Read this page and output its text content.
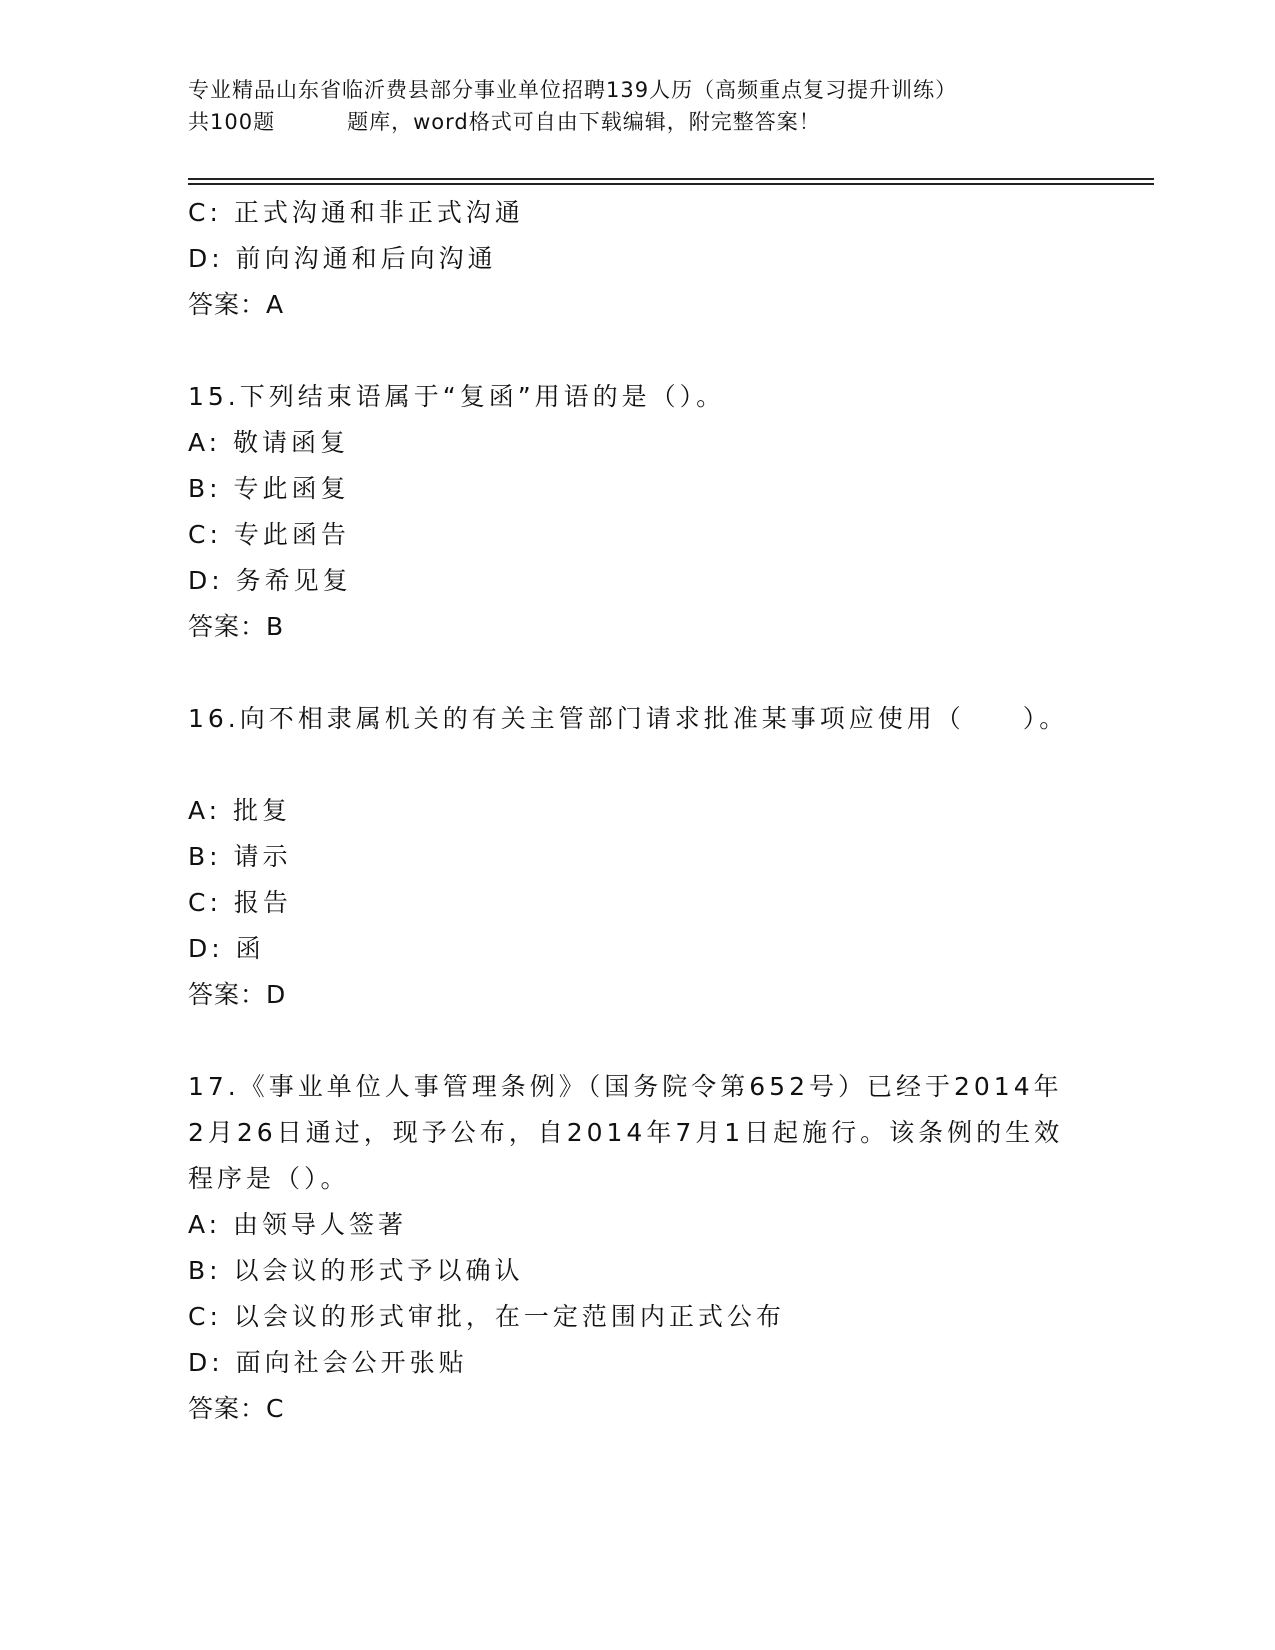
专业精品山东省临沂费县部分事业单位招聘139人历（高频重点复习提升训练）
共100题	题库，word格式可自由下载编辑，附完整答案！
C: 正式沟通和非正式沟通
D: 前向沟通和后向沟通
答案：A
15.下列结束语属于“复函”用语的是（）。
A: 敬请函复
B: 专此函复
C: 专此函告
D: 务希见复
答案：B
16.向不相隶属机关的有关主管部门请求批准某事项应使用（　　）。
A: 批复
B: 请示
C: 报告
D: 函
答案：D
17.《事业单位人事管理条例》（国务院令第652号）已经于2014年
2月26日通过，现予公布，自2014年7月1日起施行。该条例的生效
程序是（）。
A: 由领导人签著
B: 以会议的形式予以确认
C: 以会议的形式审批，在一定范围内正式公布
D: 面向社会公开张贴
答案：C
